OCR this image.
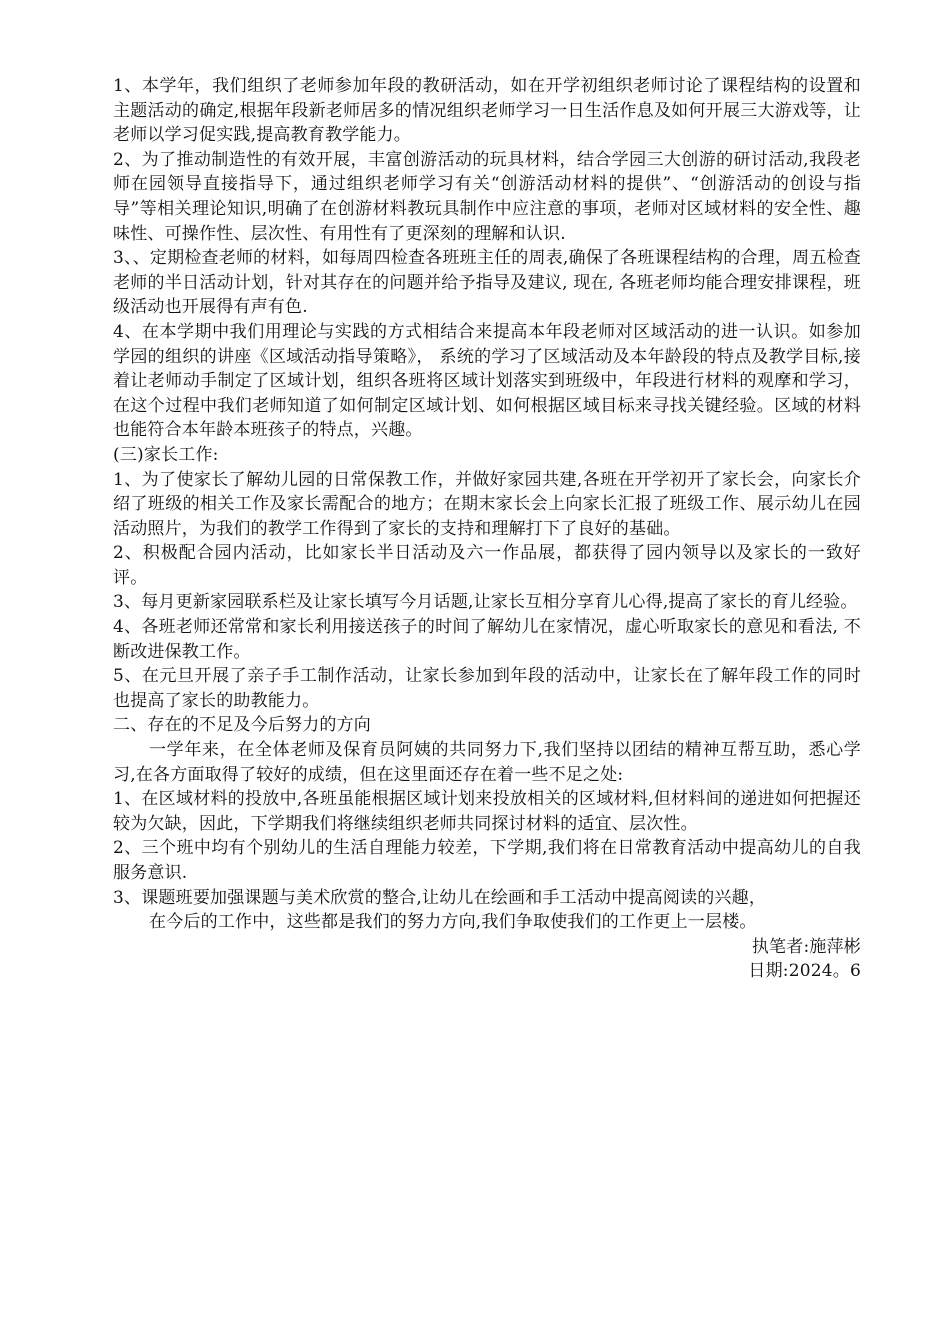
1、本学年，我们组织了老师参加年段的教研活动，如在开学初组织老师讨论了课程结构的设置和主题活动的确定,根据年段新老师居多的情况组织老师学习一日生活作息及如何开展三大游戏等，让老师以学习促实践,提高教育教学能力。

2、为了推动制造性的有效开展，丰富创游活动的玩具材料，结合学园三大创游的研讨活动,我段老师在园领导直接指导下，通过组织老师学习有关“创游活动材料的提供”、“创游活动的创设与指导”等相关理论知识,明确了在创游材料教玩具制作中应注意的事项，老师对区域材料的安全性、趣味性、可操作性、层次性、有用性有了更深刻的理解和认识.

3、、定期检查老师的材料，如每周四检查各班班主任的周表,确保了各班课程结构的合理，周五检查老师的半日活动计划，针对其存在的问题并给予指导及建议, 现在, 各班老师均能合理安排课程，班级活动也开展得有声有色.

4、在本学期中我们用理论与实践的方式相结合来提高本年段老师对区域活动的进一认识。如参加学园的组织的讲座《区域活动指导策略》， 系统的学习了区域活动及本年龄段的特点及教学目标,接着让老师动手制定了区域计划，组织各班将区域计划落实到班级中，年段进行材料的观摩和学习，在这个过程中我们老师知道了如何制定区域计划、如何根据区域目标来寻找关键经验。区域的材料也能符合本年龄本班孩子的特点，兴趣。

(三)家长工作:

1、为了使家长了解幼儿园的日常保教工作，并做好家园共建,各班在开学初开了家长会，向家长介绍了班级的相关工作及家长需配合的地方；在期末家长会上向家长汇报了班级工作、展示幼儿在园活动照片，为我们的教学工作得到了家长的支持和理解打下了良好的基础。

2、积极配合园内活动，比如家长半日活动及六一作品展，都获得了园内领导以及家长的一致好评。

3、每月更新家园联系栏及让家长填写今月话题,让家长互相分享育儿心得,提高了家长的育儿经验。

4、各班老师还常常和家长利用接送孩子的时间了解幼儿在家情况，虚心听取家长的意见和看法, 不断改进保教工作。

5、在元旦开展了亲子手工制作活动，让家长参加到年段的活动中，让家长在了解年段工作的同时也提高了家长的助教能力。

二、存在的不足及今后努力的方向

一学年来，在全体老师及保育员阿姨的共同努力下,我们坚持以团结的精神互帮互助，悉心学习,在各方面取得了较好的成绩，但在这里面还存在着一些不足之处:

1、在区域材料的投放中,各班虽能根据区域计划来投放相关的区域材料,但材料间的递进如何把握还较为欠缺，因此，下学期我们将继续组织老师共同探讨材料的适宜、层次性。

2、三个班中均有个别幼儿的生活自理能力较差，下学期,我们将在日常教育活动中提高幼儿的自我服务意识.

3、课题班要加强课题与美术欣赏的整合,让幼儿在绘画和手工活动中提高阅读的兴趣，

在今后的工作中，这些都是我们的努力方向,我们争取使我们的工作更上一层楼。

执笔者:施萍彬

日期:2024。6
